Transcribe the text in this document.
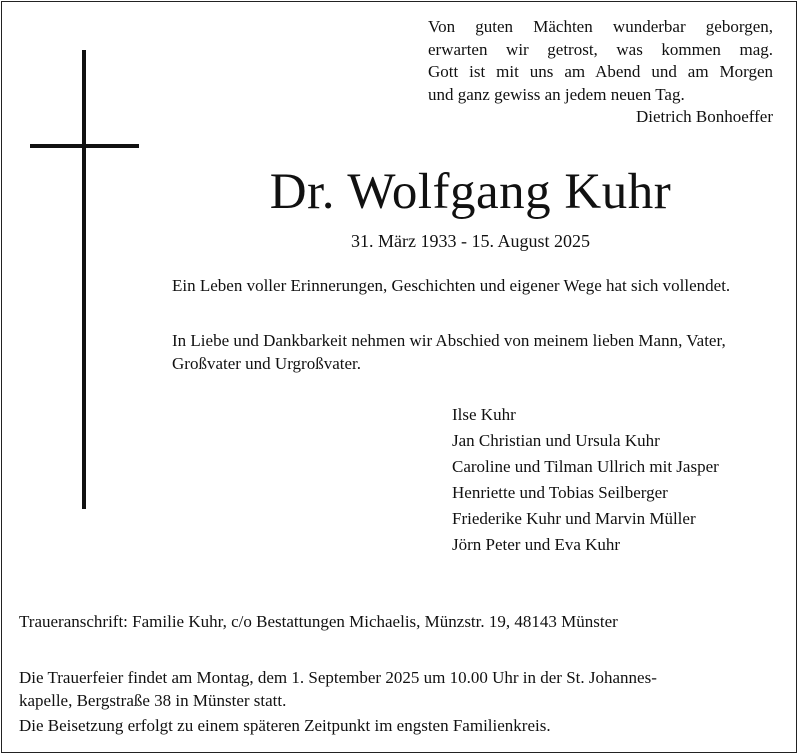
Von guten Mächten wunderbar geborgen,
erwarten wir getrost, was kommen mag.
Gott ist mit uns am Abend und am Morgen
und ganz gewiss an jedem neuen Tag.
Dietrich Bonhoeffer
Dr. Wolfgang Kuhr
31. März 1933 - 15. August 2025
Ein Leben voller Erinnerungen, Geschichten und eigener Wege hat sich vollendet.
In Liebe und Dankbarkeit nehmen wir Abschied von meinem lieben Mann, Vater, Großvater und Urgroßvater.
Ilse Kuhr
Jan Christian und Ursula Kuhr
Caroline und Tilman Ullrich mit Jasper
Henriette und Tobias Seilberger
Friederike Kuhr und Marvin Müller
Jörn Peter und Eva Kuhr
Traueranschrift: Familie Kuhr, c/o Bestattungen Michaelis, Münzstr. 19, 48143 Münster
Die Trauerfeier findet am Montag, dem 1. September 2025 um 10.00 Uhr in der St. Johannes-
kapelle, Bergstraße 38 in Münster statt.
Die Beisetzung erfolgt zu einem späteren Zeitpunkt im engsten Familienkreis.
